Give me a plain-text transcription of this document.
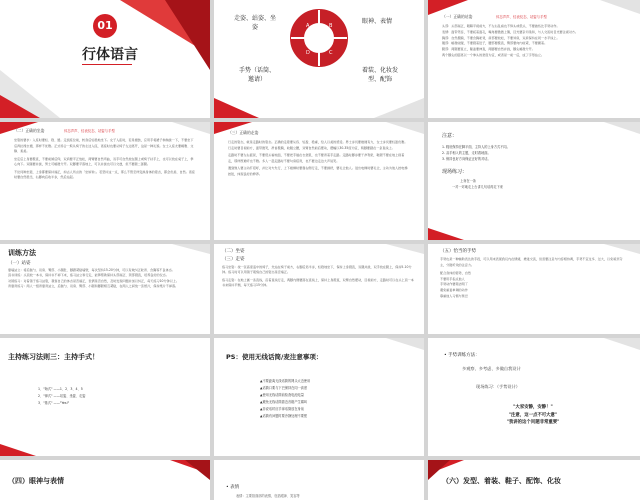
01
行体语言
A	B
C
D
走姿、站姿、坐姿
眼神、表情
着装、化妆发型、配饰
手势（话筒、邀请）
（一）正确的站姿	体态声声、仪表仪态、站姿与手型
头部：头部端正，眼睛平视前方，不左右乱看也不仰头或低头，不要做些比手势动作。
表情：面带笑容，不要板着面孔，嘴角要微微上翘，目光要亲切柔和，与人交流时目光要注视对方。
胸部：自然挺胸，不要含胸驼背，肩部要放松，不要耸肩，双肩保持在同一水平线上。
腹部：略微收腹，不要挺着肚子，腰部要挺直，臀部要向内收紧，不要撅着。
腿部：两腿要直立，膝盖要伸直，两脚要自然并拢，脚尖略微分开。
两个脚尖的距离以一个拳头的宽度为宜，或者是一前一后，成丁字形站立。
（二）正确的坐姿	体态声声、仪表仪态、站姿与手型
坐姿的要求：入座时要轻、稳、缓。走到座位前，转身后轻稳地坐下。女子入座时，若是裙装，应用手将裙子稍稍拢一下，不要坐下后再拉拽衣裙，那样不优雅。正式场合一般从椅子的左边入座，离座时也要从椅子左边离开，这是一种礼貌。女士入座尤要娴雅、文静、柔美。
坐定后上身要挺直，不要前倾后仰，双肩要平正放松，两臂要自然弯曲，双手可自然放在腿上或椅子扶手上，也可以放在桌子上，掌心向下。双膝要并拢，男士可略微分开。双脚要平落地上，可以并拢也可以交叠，但不要跷二郎腿。
不论何种坐姿，上身都要保持端正，如古人所言的「坐如钟」。若坚持这一点，那么不管怎样变换身体的姿态，都会优美、自然。离座时要自然稳当，右脚向后收半步，然后站起。
（三）正确的走姿
行走的姿态，就是走路时的姿态。正确的走姿要从容、轻盈、稳重，给人以美的感受。男士步伐要雄健有力，女士步伐要轻盈优雅。行走时要目视前方，面带微笑，昂首挺胸，收腹立腰，双臂自然前后摆动，摆幅以30-35度为宜，两脚要踏在一条直线上。
走路时不要左右摇晃，不要低头看地面，不要把手插在衣袋里，也不要背着手走路。走路时脚步要干净利索，鞋跟不要在地上拖着走，那样既难听也不雅。多人一起走路时不要勾肩搭背，也不要边走边大声说笑。
遇到熟人要主动打招呼，并让对方先行，上下楼梯时要靠右侧行走，不要拥挤，要礼让他人。进出电梯时要礼让，主动为他人按电梯按钮，体现良好的修养。
注意：
1. 鞋底保持在脚平面，主持人的上身方式不同。
2. 双手相入的主题，走时看地面。
3. 保持良好方向保证正好的对话。
现场练习：
上身在一条
一对一对地走上台讲几句话再走下来
训练方法
（一）站姿
靠墙站立：将后脑勺、双肩、臀部、小腿肚、脚跟紧贴墙壁，每次坚持15-20分钟，可以有效纠正驼背、含胸等不良体态。
顶书训练：头顶放一本书，保持书不掉下来，练习站立和行走，能够帮助保持头部端正、颈部挺直，培养良好的仪态。
对镜练习：对着镜子练习站姿，观察自己的体态是否端正，表情是否自然，及时发现问题并加以纠正，每天练习10分钟以上。
背靠背练习：两人一组背靠背站立，后脑勺、双肩、臀部、小腿和脚跟相互紧贴，在两人之间放一张纸片，保持纸片不掉落。
（二）坐姿
（三）走姿
练习坐姿：找一张高度适中的椅子，先站在椅子前方，右脚后退半步，轻稳地坐下，保持上身挺直，双腿并拢，双手放在腿上，保持5-10分钟。练习时可以用镜子观察自己的姿态是否端正。
练习走姿：在地上画一条直线，沿着直线行走，两脚内侧要落在直线上，保持上身挺直，双臂自然摆动，目视前方，走路时可以在头上顶一本书来保持平衡，每天练习15分钟。
（五）恰当的手势
手势也是一种辅助表达的手段，可以用来表现我们内在情绪，增进交流，但需要注意与内容相协调，手势不宜过多、过大，以免喧宾夺主，分散听众的注意力。
配合身体的姿势，自然
不要用手指点他人
手势动作要简洁明了
避免重复单调的动作
尊重他人习惯与禁忌
主持练习法则三：主持手式！
1、"始式" ——1、2、3、4、5
2、"律式" ——站姿、坐姿、走姿
3、"基式" ——"Yes!"
PS：使用无线话筒/麦注意事项：
▲不要距离无线话筒的网头太近使用
▲话筒口要与下巴保持在同一高度
▲使用无线话筒前检查电池电量
▲避免无线话筒靠近音箱产生啸叫
▲非说话时应手拿话筒放在身前
▲话筒有问题时要冷静处理不要慌
• 手势训练方法：
多观察、多考虑、多做自我设计
现场练习：（手势设计）
"大家安静，安静！"
"注意，这一点不可大意"
"我讲的这个问题非常重要"
（四）眼神与表情
• 表情
表情：主要指面部的表情，包括眼神、笑容等
（六）发型、着装、鞋子、配饰、化妆
